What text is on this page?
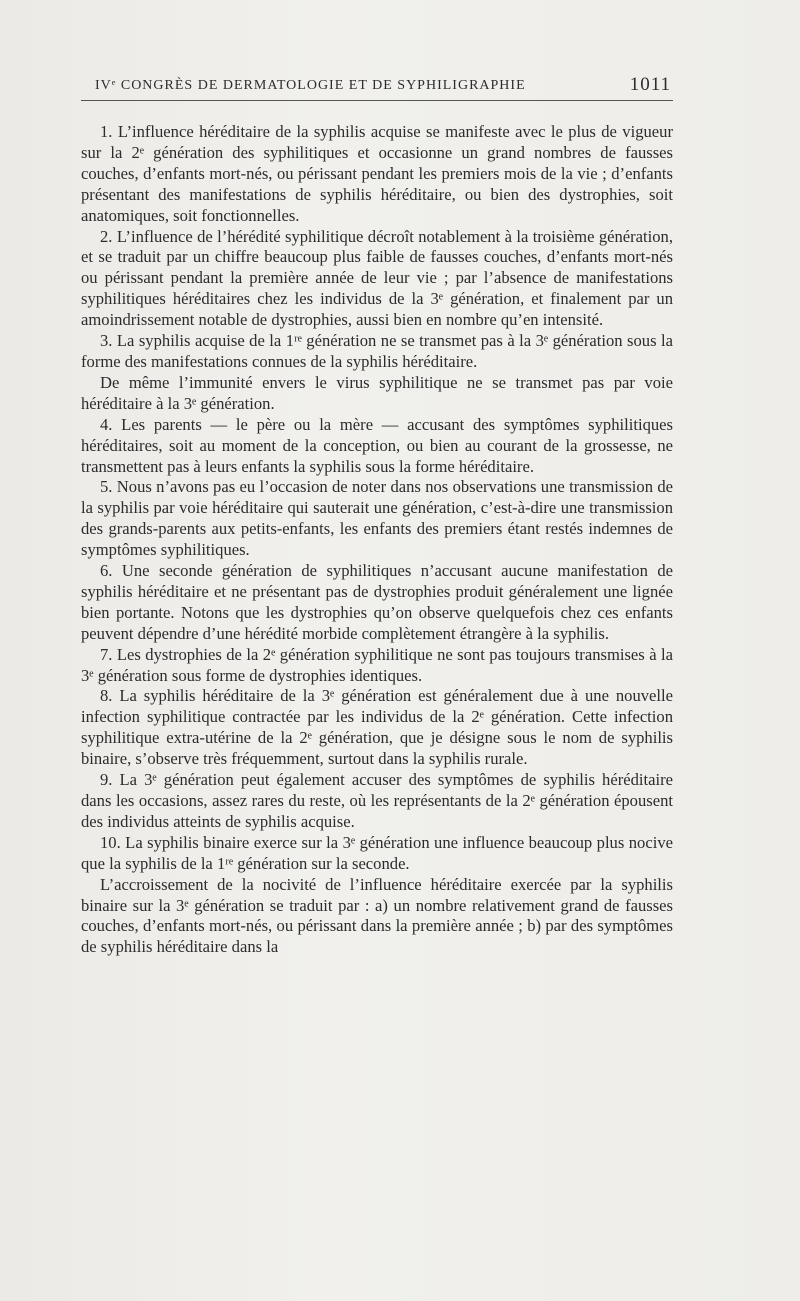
IVᵉ CONGRÈS DE DERMATOLOGIE ET DE SYPHILIGRAPHIE	1011

1. L’influence héréditaire de la syphilis acquise se manifeste avec le plus de vigueur sur la 2ᵉ génération des syphilitiques et occasionne un grand nombres de fausses couches, d’enfants mort-nés, ou périssant pendant les premiers mois de la vie ; d’enfants présentant des manifestations de syphilis héréditaire, ou bien des dystrophies, soit anatomiques, soit fonctionnelles.

2. L’influence de l’hérédité syphilitique décroît notablement à la troisième génération, et se traduit par un chiffre beaucoup plus faible de fausses couches, d’enfants mort-nés ou périssant pendant la première année de leur vie ; par l’absence de manifestations syphilitiques héréditaires chez les individus de la 3ᵉ génération, et finalement par un amoindrissement notable de dystrophies, aussi bien en nombre qu’en intensité.

3. La syphilis acquise de la 1ʳᵉ génération ne se transmet pas à la 3ᵉ génération sous la forme des manifestations connues de la syphilis héréditaire.

De même l’immunité envers le virus syphilitique ne se transmet pas par voie héréditaire à la 3ᵉ génération.

4. Les parents — le père ou la mère — accusant des symptômes syphilitiques héréditaires, soit au moment de la conception, ou bien au courant de la grossesse, ne transmettent pas à leurs enfants la syphilis sous la forme héréditaire.

5. Nous n’avons pas eu l’occasion de noter dans nos observations une transmission de la syphilis par voie héréditaire qui sauterait une génération, c’est-à-dire une transmission des grands-parents aux petits-enfants, les enfants des premiers étant restés indemnes de symptômes syphilitiques.

6. Une seconde génération de syphilitiques n’accusant aucune manifestation de syphilis héréditaire et ne présentant pas de dystrophies produit généralement une lignée bien portante. Notons que les dystrophies qu’on observe quelquefois chez ces enfants peuvent dépendre d’une hérédité morbide complètement étrangère à la syphilis.

7. Les dystrophies de la 2ᵉ génération syphilitique ne sont pas toujours transmises à la 3ᵉ génération sous forme de dystrophies identiques.

8. La syphilis héréditaire de la 3ᵉ génération est généralement due à une nouvelle infection syphilitique contractée par les individus de la 2ᵉ génération. Cette infection syphilitique extra-utérine de la 2ᵉ génération, que je désigne sous le nom de syphilis binaire, s’observe très fréquemment, surtout dans la syphilis rurale.

9. La 3ᵉ génération peut également accuser des symptômes de syphilis héréditaire dans les occasions, assez rares du reste, où les représentants de la 2ᵉ génération épousent des individus atteints de syphilis acquise.

10. La syphilis binaire exerce sur la 3ᵉ génération une influence beaucoup plus nocive que la syphilis de la 1ʳᵉ génération sur la seconde.

L’accroissement de la nocivité de l’influence héréditaire exercée par la syphilis binaire sur la 3ᵉ génération se traduit par : a) un nombre relativement grand de fausses couches, d’enfants mort-nés, ou périssant dans la première année ; b) par des symptômes de syphilis héréditaire dans la
